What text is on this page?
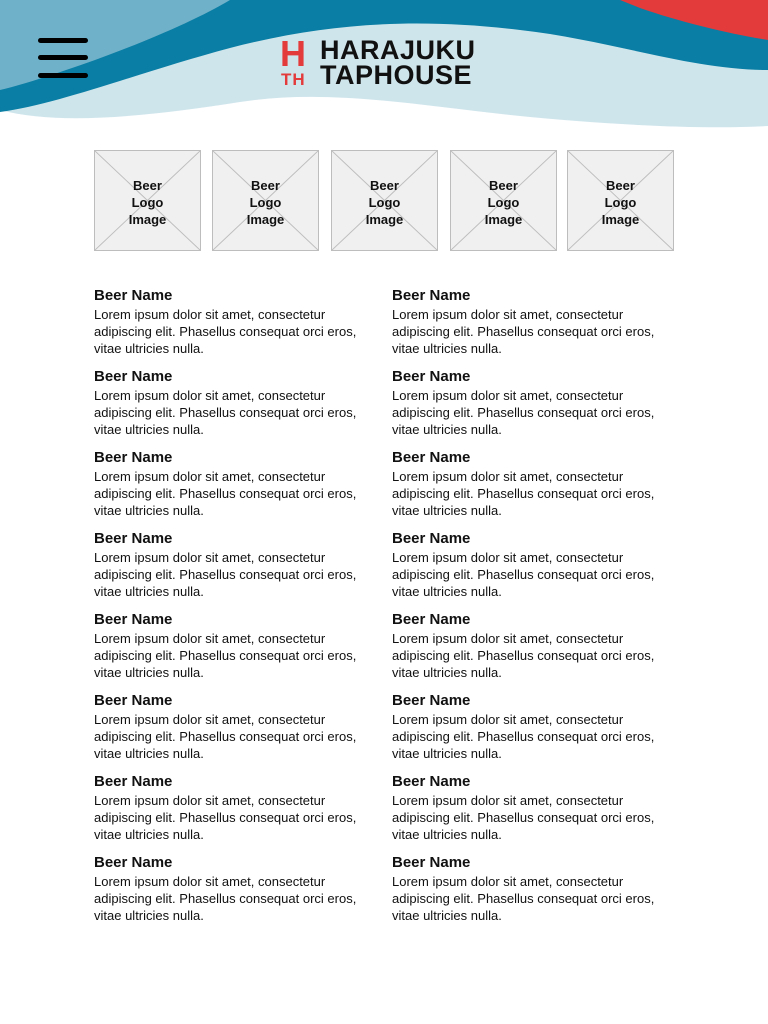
H
TH
HARAJUKU
TAPHOUSE
Beer
Logo
Image
Beer
Logo
Image
Beer
Logo
Image
Beer
Logo
Image
Beer
Logo
Image
Beer Name
Lorem ipsum dolor sit amet, consectetur adipiscing elit. Phasellus consequat orci eros, vitae ultricies nulla.
Beer Name
Lorem ipsum dolor sit amet, consectetur adipiscing elit. Phasellus consequat orci eros, vitae ultricies nulla.
Beer Name
Lorem ipsum dolor sit amet, consectetur adipiscing elit. Phasellus consequat orci eros, vitae ultricies nulla.
Beer Name
Lorem ipsum dolor sit amet, consectetur adipiscing elit. Phasellus consequat orci eros, vitae ultricies nulla.
Beer Name
Lorem ipsum dolor sit amet, consectetur adipiscing elit. Phasellus consequat orci eros, vitae ultricies nulla.
Beer Name
Lorem ipsum dolor sit amet, consectetur adipiscing elit. Phasellus consequat orci eros, vitae ultricies nulla.
Beer Name
Lorem ipsum dolor sit amet, consectetur adipiscing elit. Phasellus consequat orci eros, vitae ultricies nulla.
Beer Name
Lorem ipsum dolor sit amet, consectetur adipiscing elit. Phasellus consequat orci eros, vitae ultricies nulla.
Beer Name
Lorem ipsum dolor sit amet, consectetur adipiscing elit. Phasellus consequat orci eros, vitae ultricies nulla.
Beer Name
Lorem ipsum dolor sit amet, consectetur adipiscing elit. Phasellus consequat orci eros, vitae ultricies nulla.
Beer Name
Lorem ipsum dolor sit amet, consectetur adipiscing elit. Phasellus consequat orci eros, vitae ultricies nulla.
Beer Name
Lorem ipsum dolor sit amet, consectetur adipiscing elit. Phasellus consequat orci eros, vitae ultricies nulla.
Beer Name
Lorem ipsum dolor sit amet, consectetur adipiscing elit. Phasellus consequat orci eros, vitae ultricies nulla.
Beer Name
Lorem ipsum dolor sit amet, consectetur adipiscing elit. Phasellus consequat orci eros, vitae ultricies nulla.
Beer Name
Lorem ipsum dolor sit amet, consectetur adipiscing elit. Phasellus consequat orci eros, vitae ultricies nulla.
Beer Name
Lorem ipsum dolor sit amet, consectetur adipiscing elit. Phasellus consequat orci eros, vitae ultricies nulla.
